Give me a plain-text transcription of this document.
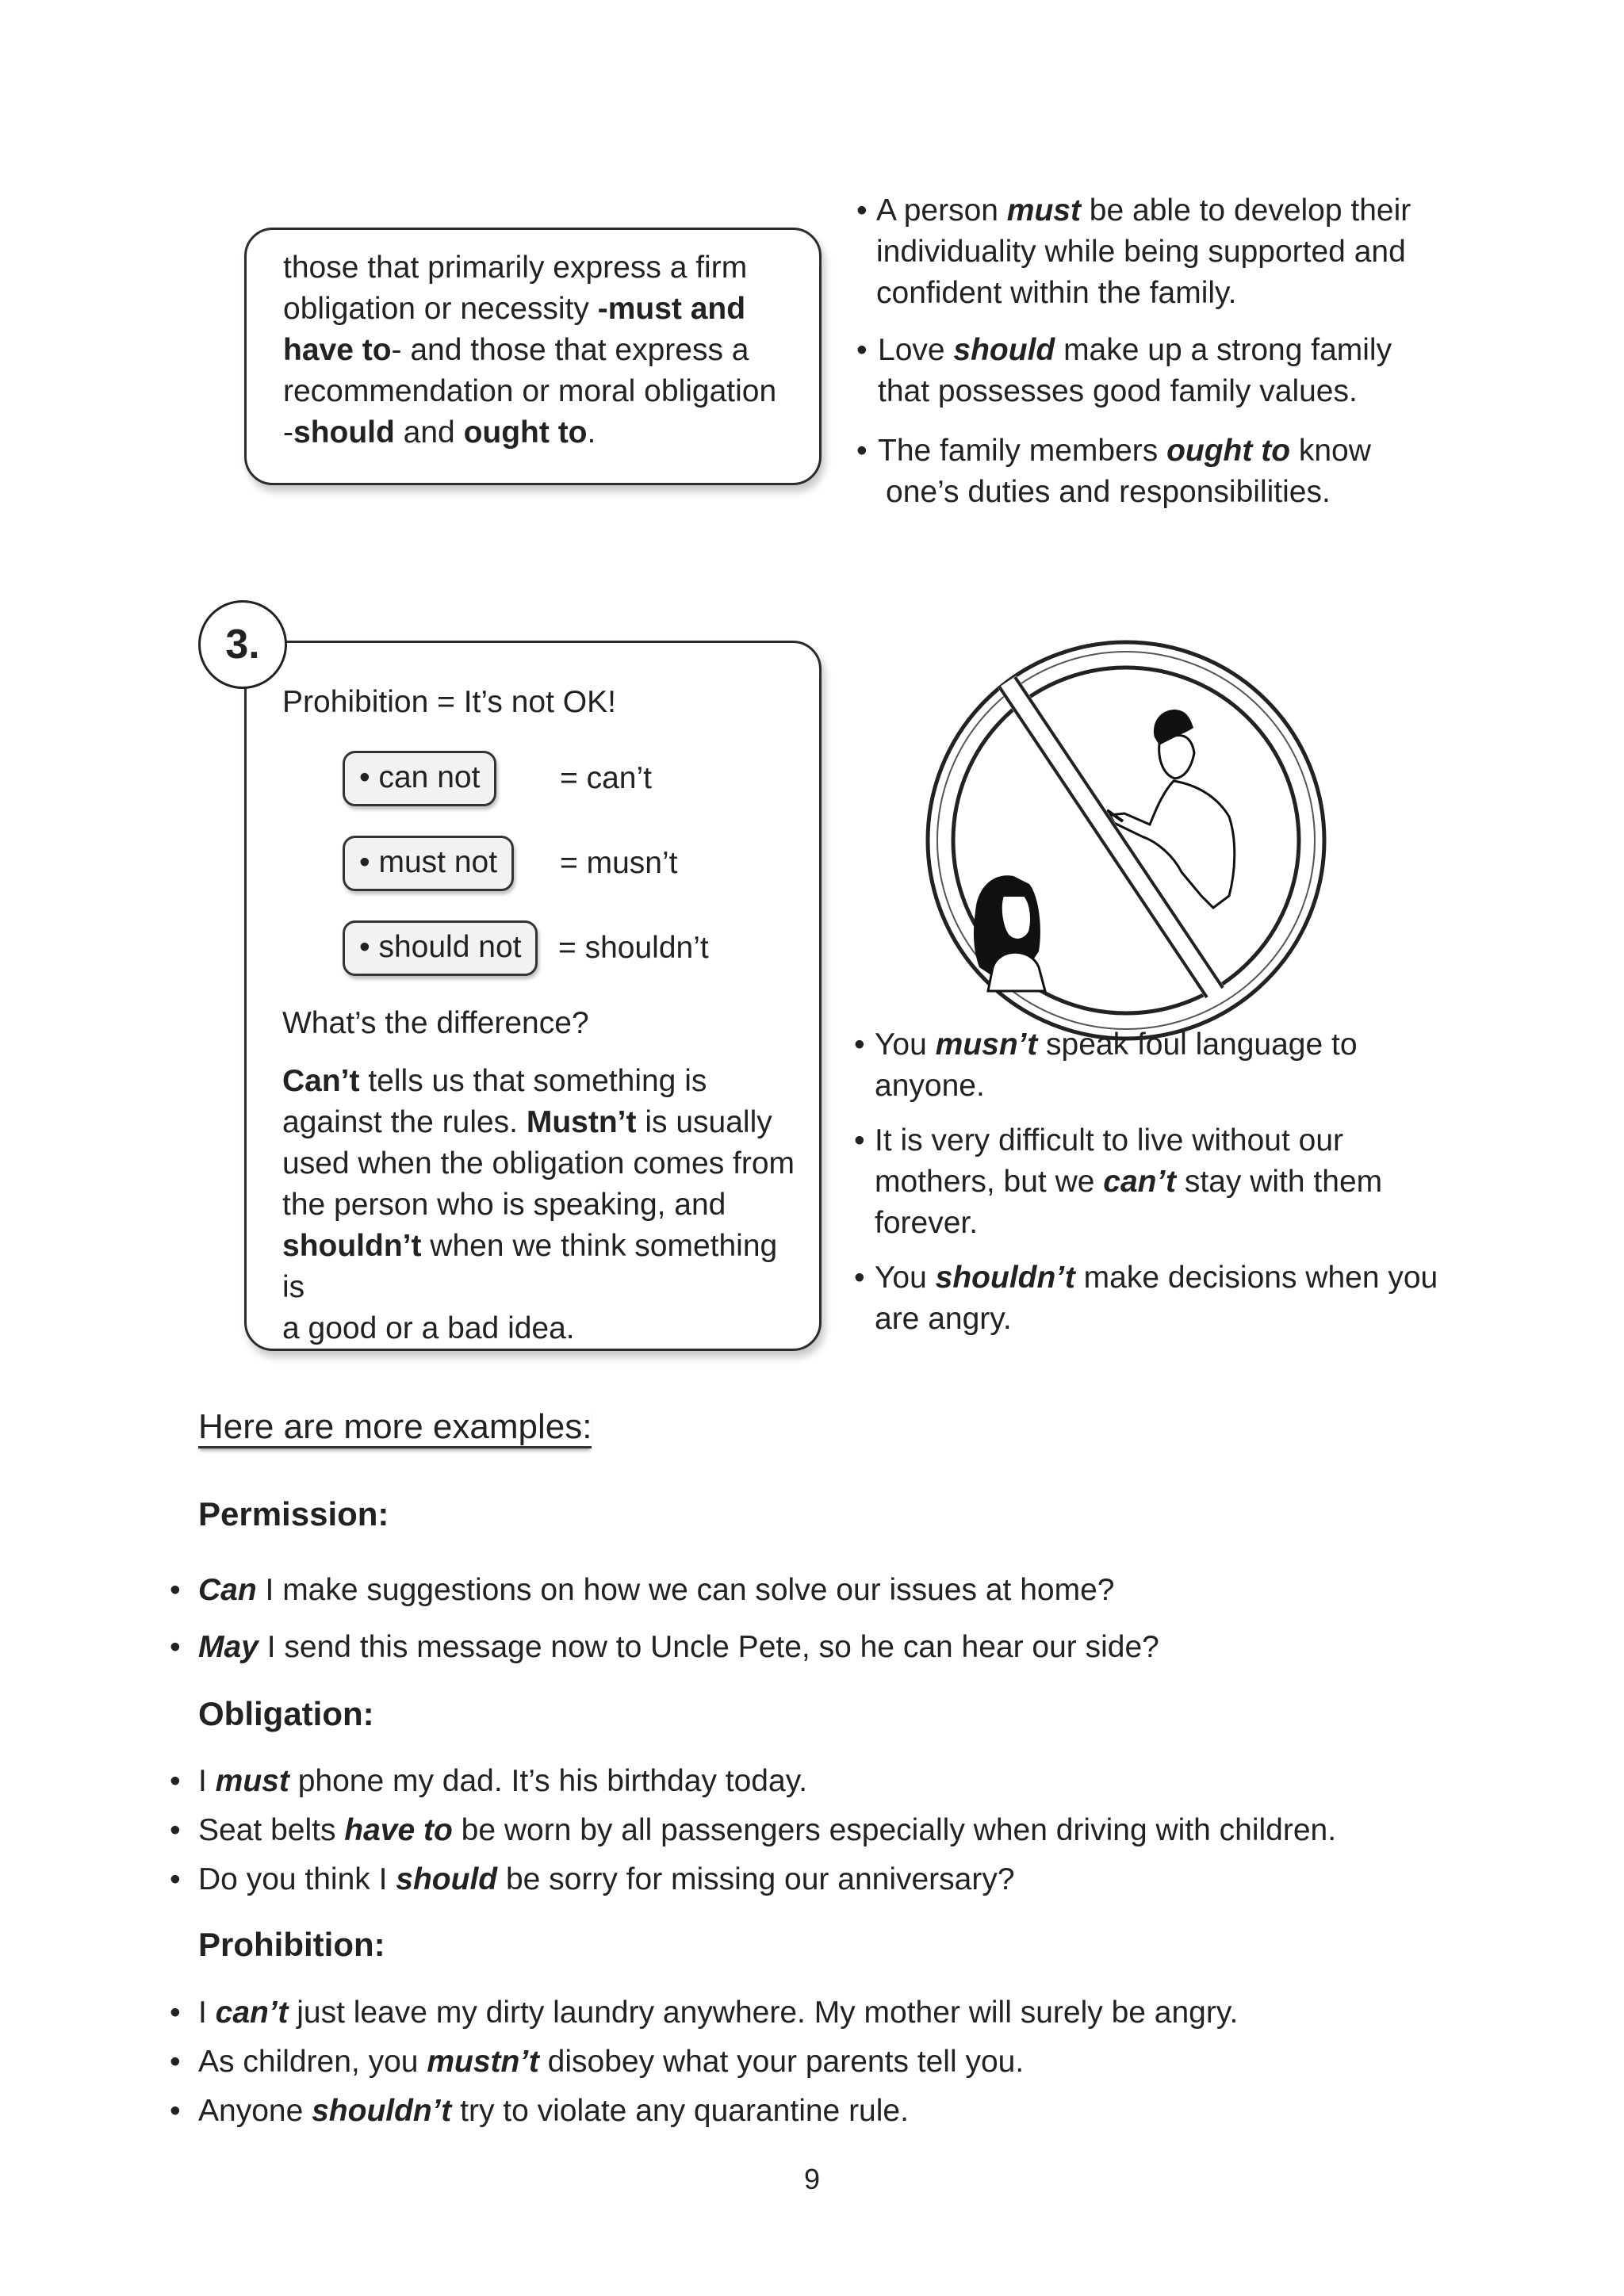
those that primarily express a firm
obligation or necessity -must and
have to- and those that express a
recommendation or moral obligation
-should and ought to.
• A person must be able to develop their
individuality while being supported and
confident within the family.
• Love should make up a strong family
that possesses good family values.
• The family members ought to know
one’s duties and responsibilities.
3.
Prohibition = It’s not OK!
• can not	= can’t
• must not	= musn’t
• should not	= shouldn’t
What’s the difference?
Can’t tells us that something is
against the rules. Mustn’t is usually
used when the obligation comes from
the person who is speaking, and
shouldn’t when we think something is
a good or a bad idea.
• You musn’t speak foul language to
anyone.
• It is very difficult to live without our
mothers, but we can’t stay with them
forever.
• You shouldn’t make decisions when you
are angry.
Here are more examples:
Permission:
• Can I make suggestions on how we can solve our issues at home?
• May I send this message now to Uncle Pete, so he can hear our side?
Obligation:
• I must phone my dad. It’s his birthday today.
• Seat belts have to be worn by all passengers especially when driving with children.
• Do you think I should be sorry for missing our anniversary?
Prohibition:
• I can’t just leave my dirty laundry anywhere. My mother will surely be angry.
• As children, you mustn’t disobey what your parents tell you.
• Anyone shouldn’t try to violate any quarantine rule.
9
